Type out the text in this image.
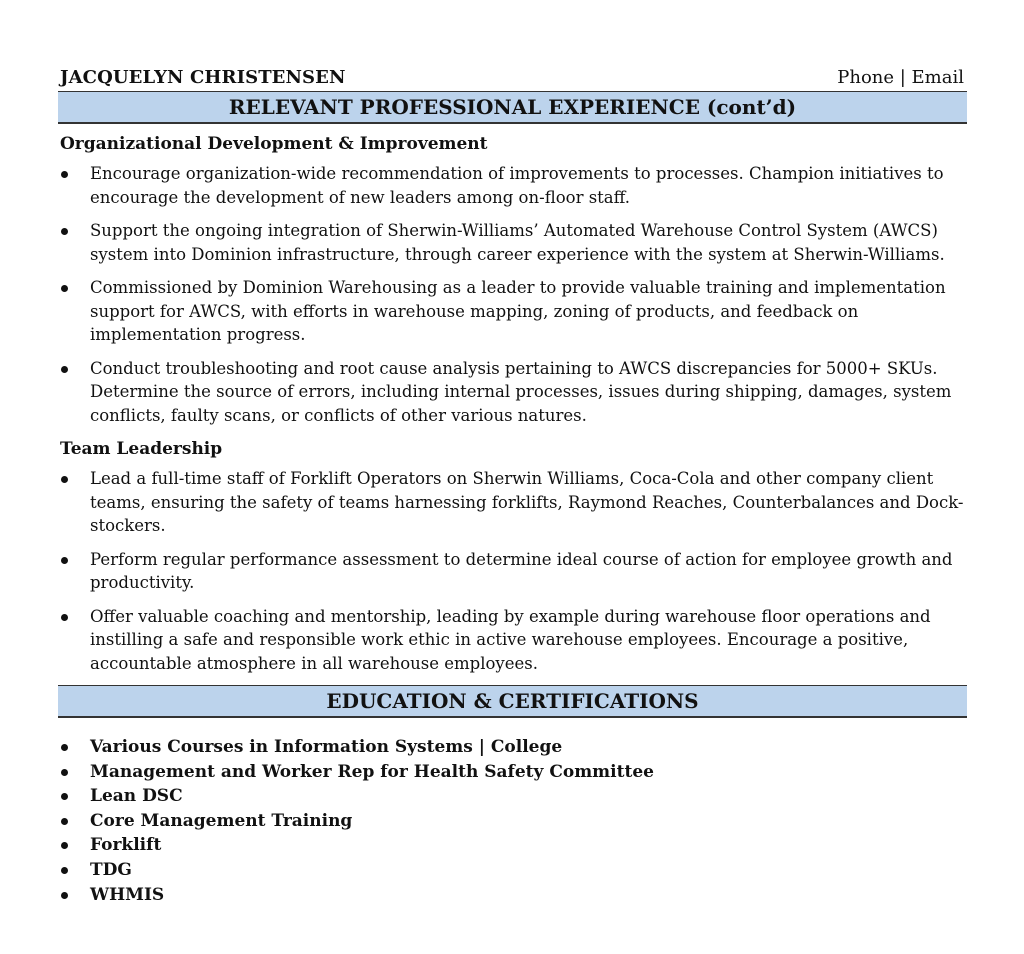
JACQUELYN CHRISTENSEN	Phone | Email
RELEVANT PROFESSIONAL EXPERIENCE (cont’d)
Organizational Development & Improvement
Encourage organization-wide recommendation of improvements to processes. Champion initiatives to encourage the development of new leaders among on-floor staff.
Support the ongoing integration of Sherwin-Williams’ Automated Warehouse Control System (AWCS) system into Dominion infrastructure, through career experience with the system at Sherwin-Williams.
Commissioned by Dominion Warehousing as a leader to provide valuable training and implementation support for AWCS, with efforts in warehouse mapping, zoning of products, and feedback on implementation progress.
Conduct troubleshooting and root cause analysis pertaining to AWCS discrepancies for 5000+ SKUs. Determine the source of errors, including internal processes, issues during shipping, damages, system conflicts, faulty scans, or conflicts of other various natures.
Team Leadership
Lead a full-time staff of Forklift Operators on Sherwin Williams, Coca-Cola and other company client teams, ensuring the safety of teams harnessing forklifts, Raymond Reaches, Counterbalances and Dock-stockers.
Perform regular performance assessment to determine ideal course of action for employee growth and productivity.
Offer valuable coaching and mentorship, leading by example during warehouse floor operations and instilling a safe and responsible work ethic in active warehouse employees. Encourage a positive, accountable atmosphere in all warehouse employees.
EDUCATION & CERTIFICATIONS
Various Courses in Information Systems | College
Management and Worker Rep for Health Safety Committee
Lean DSC
Core Management Training
Forklift
TDG
WHMIS
